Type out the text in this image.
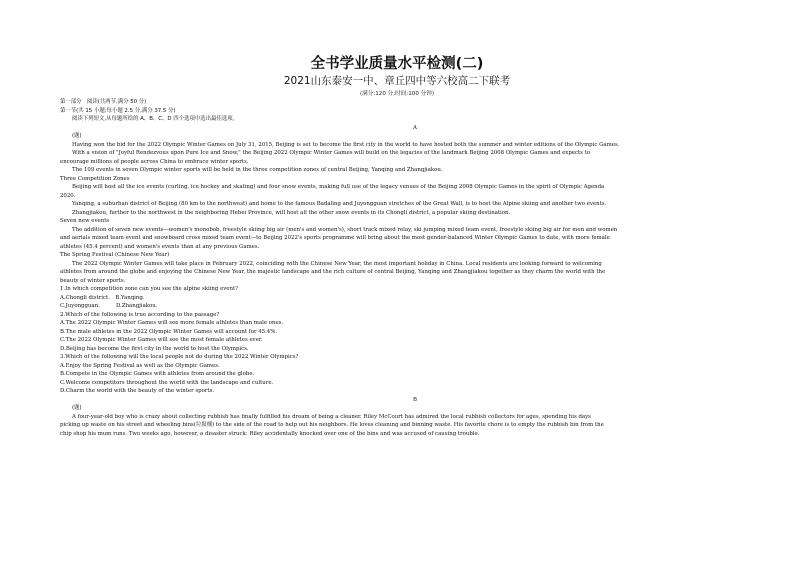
全书学业质量水平检测(二)
2021山东泰安一中、章丘四中等六校高二下联考
(满分:120 分;时间:100 分钟)

第一部分　阅读(共两节,满分 50 分)

第一节(共 15 小题;每小题 2.5 分,满分 37.5 分)

阅读下列短文,从每题所给的 A、B、C、D 四个选项中选出最佳选项。

A

(题)

Having won the bid for the 2022 Olympic Winter Games on July 31, 2015, Beijing is set to become the first city in the world to have hosted both the summer and winter editions of the Olympic Games.

With a vision of "Joyful Rendezvous upon Pure Ice and Snow," the Beijing 2022 Olympic Winter Games will build on the legacies of the landmark Beijing 2008 Olympic Games and expects to

encourage millions of people across China to embrace winter sports.

The 109 events in seven Olympic winter sports will be held in the three competition zones of central Beijing, Yanqing and Zhangjiakou.

Three Competition Zones

Beijing will host all the ice events (curling, ice hockey and skating) and four snow events, making full use of the legacy venues of the Beijing 2008 Olympic Games in the spirit of Olympic Agenda

2020.

Yanqing, a suburban district of Beijing (80 km to the northwest) and home to the famous Badaling and Juyongguan stretches of the Great Wall, is to host the Alpine skiing and another two events.

Zhangjiakou, further to the northwest in the neighboring Hebei Province, will host all the other snow events in its Chongli district, a popular skiing destination.

Seven new events

The addition of seven new events—women's monobob, freestyle skiing big air (men's and women's), short track mixed relay, ski jumping mixed team event, freestyle skiing big air for men and women

and aerials mixed team event and snowboard cross mixed team event—to Beijing 2022's sports programme will bring about the most gender-balanced Winter Olympic Games to date, with more female

athletes (45.4 percent) and women's events than at any previous Games.

The Spring Festival (Chinese New Year)

The 2022 Olympic Winter Games will take place in February 2022, coinciding with the Chinese New Year, the most important holiday in China. Local residents are looking forward to welcoming

athletes from around the globe and enjoying the Chinese New Year, the majestic landscape and the rich culture of central Beijing, Yanqing and Zhangjiakou together as they charm the world with the

beauty of winter sports.

1.In which competition zone can you see the alpine skiing event?

A.Chongli district.　B.Yanqing.

C.Juyongguan.　　　D.Zhangjiakou.

2.Which of the following is true according to the passage?

A.The 2022 Olympic Winter Games will see more female athletes than male ones.

B.The male athletes in the 2022 Olympic Winter Games will account for 45.4%.

C.The 2022 Olympic Winter Games will see the most female athletes ever.

D.Beijing has become the first city in the world to host the Olympics.

3.Which of the following will the local people not do during the 2022 Winter Olympics?

A.Enjoy the Spring Festival as well as the Olympic Games.

B.Compete in the Olympic Games with athletes from around the globe.

C.Welcome competitors throughout the world with the landscape and culture.

D.Charm the world with the beauty of the winter sports.

B

(题)

A four-year-old boy who is crazy about collecting rubbish has finally fulfilled his dream of being a cleaner. Riley McCourt has admired the local rubbish collectors for ages, spending his days

picking up waste on his street and wheeling bins(垃圾桶) to the side of the road to help out his neighbors. He loves cleaning and binning waste. His favorite chore is to empty the rubbish bin from the

chip shop his mum runs. Two weeks ago, however, a disaster struck: Riley accidentally knocked over one of the bins and was accused of causing trouble.
